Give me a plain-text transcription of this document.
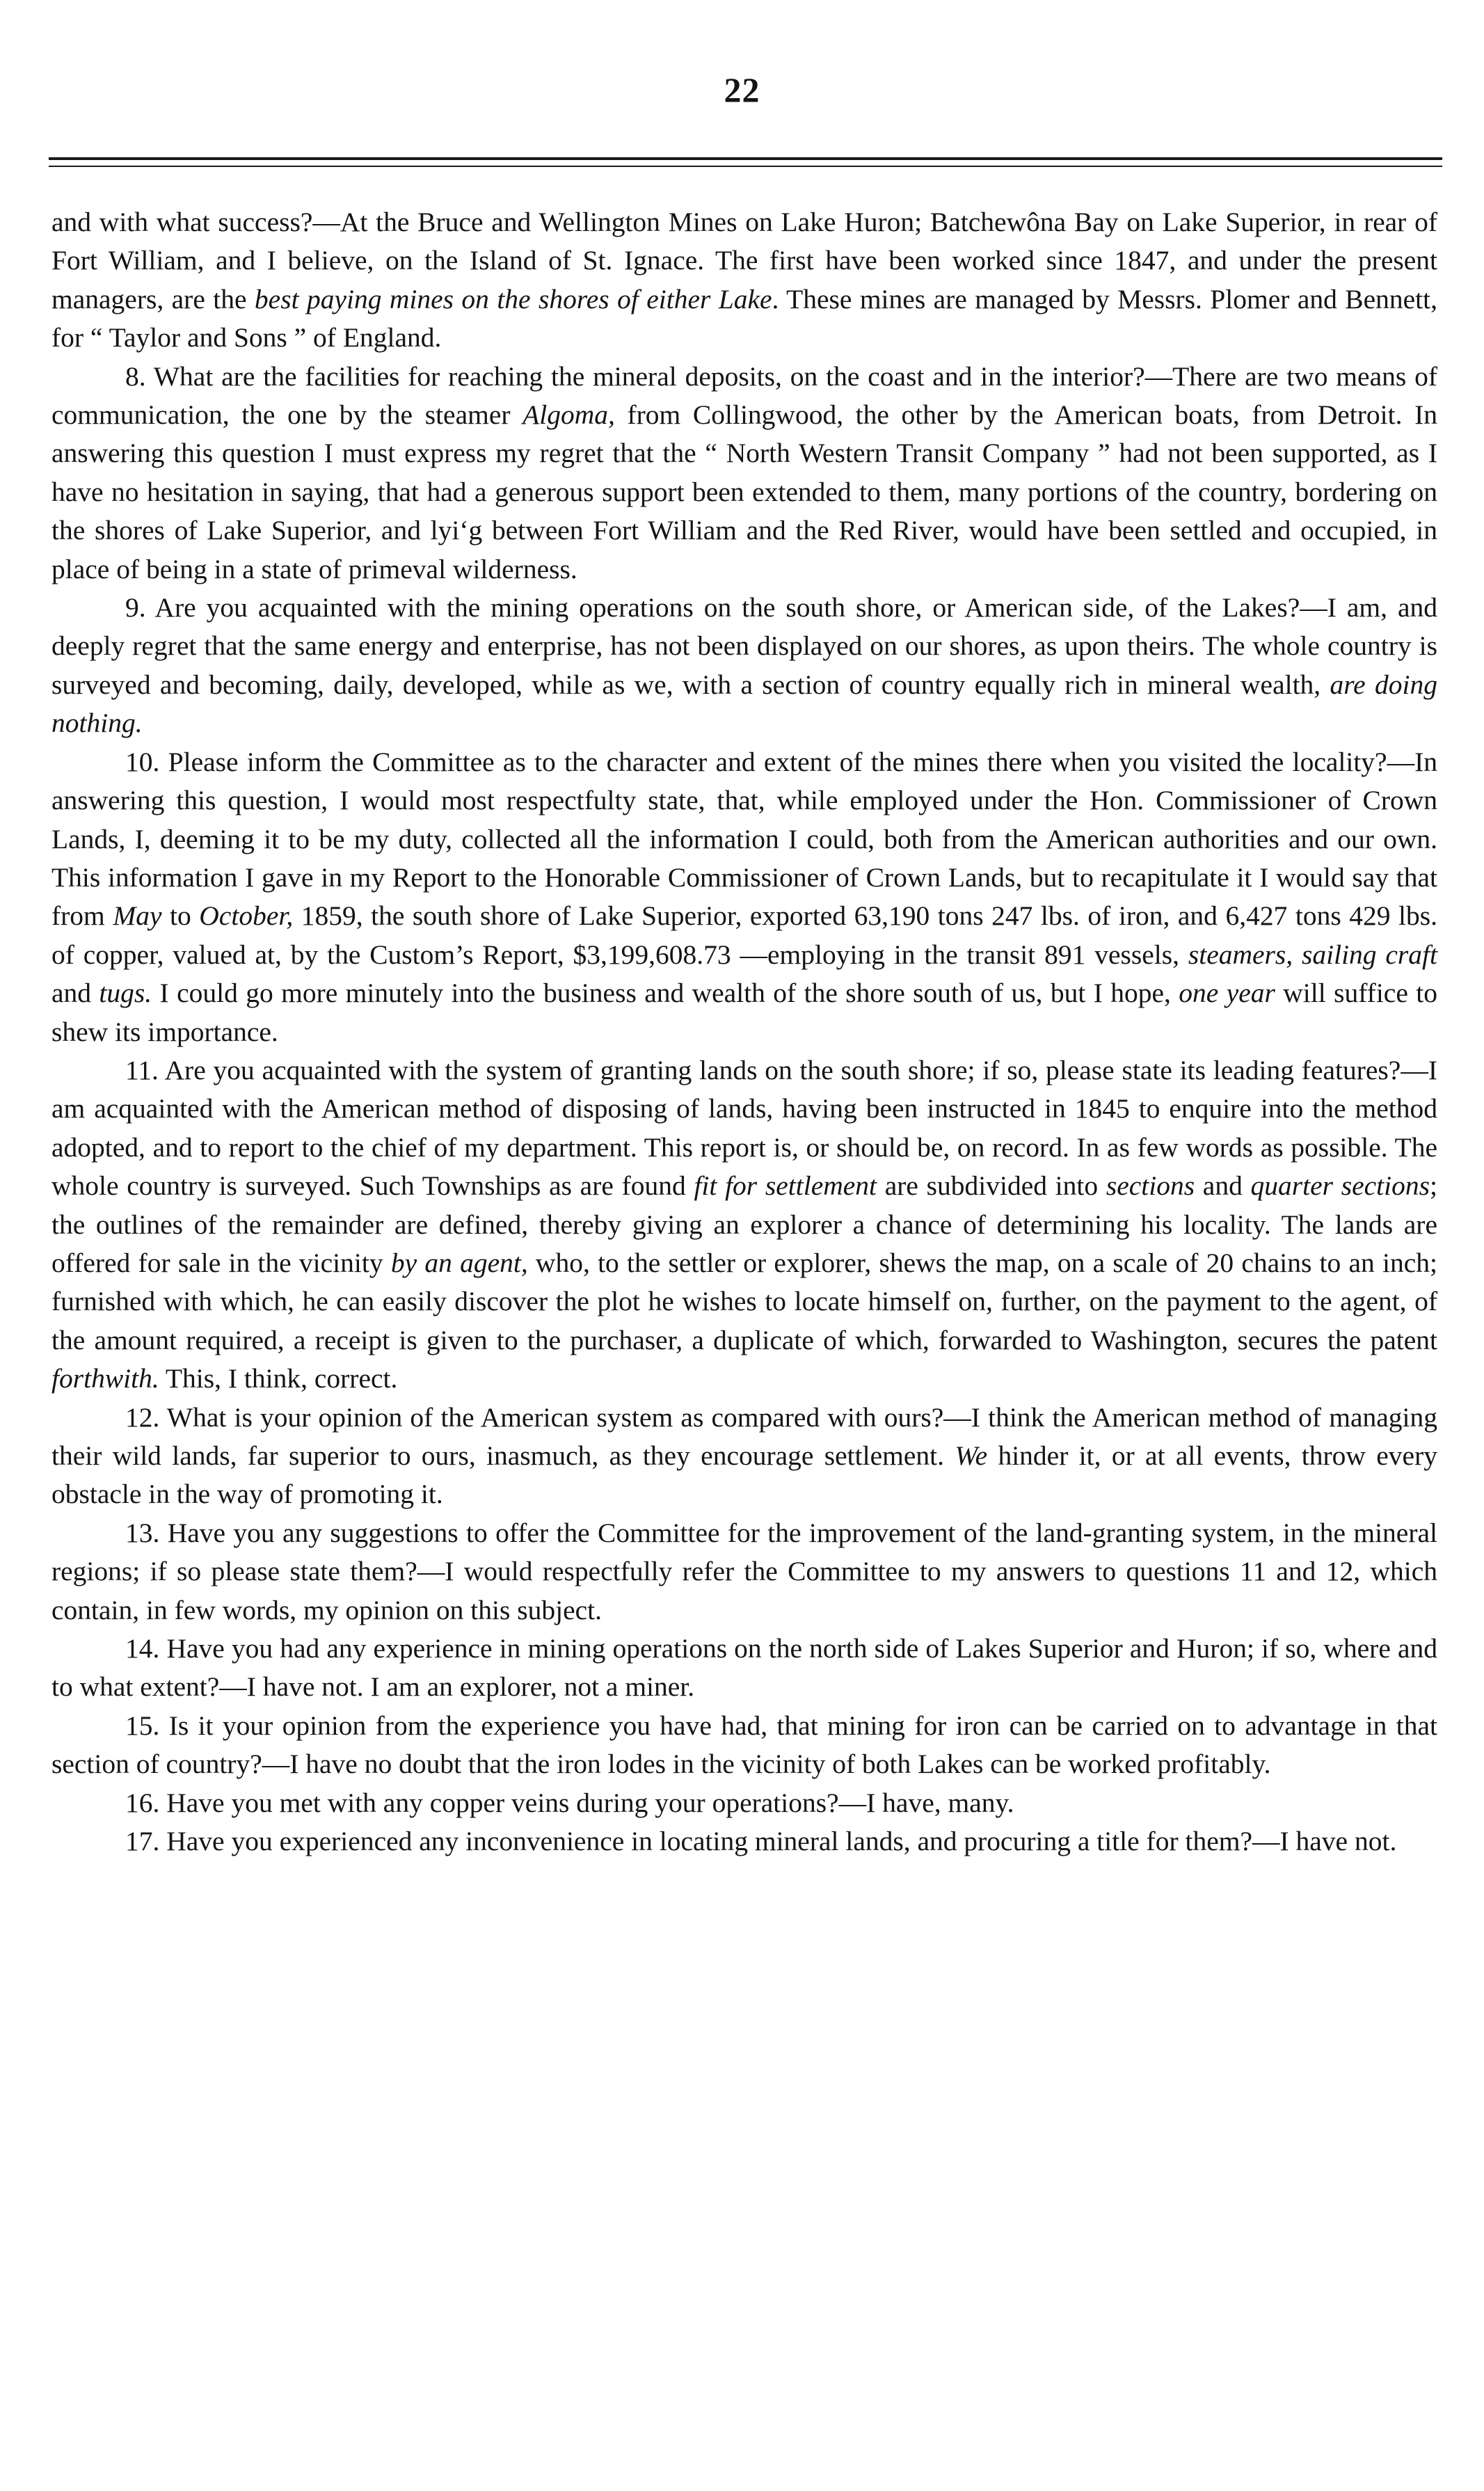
22

and with what success?—At the Bruce and Wellington Mines on Lake Huron; Batchewôna Bay on Lake Superior, in rear of Fort William, and I believe, on the Island of St. Ignace. The first have been worked since 1847, and under the present managers, are the best paying mines on the shores of either Lake. These mines are managed by Messrs. Plomer and Bennett, for “ Taylor and Sons ” of England.

8. What are the facilities for reaching the mineral deposits, on the coast and in the interior?—There are two means of communication, the one by the steamer Algoma, from Collingwood, the other by the American boats, from Detroit. In answering this question I must express my regret that the “ North Western Transit Company ” had not been supported, as I have no hesitation in saying, that had a generous support been extended to them, many portions of the country, bordering on the shores of Lake Superior, and lyiʻg between Fort William and the Red River, would have been settled and occupied, in place of being in a state of primeval wilderness.

9. Are you acquainted with the mining operations on the south shore, or American side, of the Lakes?—I am, and deeply regret that the same energy and enterprise, has not been displayed on our shores, as upon theirs. The whole country is surveyed and becoming, daily, developed, while as we, with a section of country equally rich in mineral wealth, are doing nothing.

10. Please inform the Committee as to the character and extent of the mines there when you visited the locality?—In answering this question, I would most respectfulty state, that, while employed under the Hon. Commissioner of Crown Lands, I, deeming it to be my duty, collected all the information I could, both from the American authorities and our own. This information I gave in my Report to the Honorable Commissioner of Crown Lands, but to recapitulate it I would say that from May to October, 1859, the south shore of Lake Superior, exported 63,190 tons 247 lbs. of iron, and 6,427 tons 429 lbs. of copper, valued at, by the Custom’s Report, $3,199,608.73 —employing in the transit 891 vessels, steamers, sailing craft and tugs. I could go more minutely into the business and wealth of the shore south of us, but I hope, one year will suffice to shew its importance.

11. Are you acquainted with the system of granting lands on the south shore; if so, please state its leading features?—I am acquainted with the American method of disposing of lands, having been instructed in 1845 to enquire into the method adopted, and to report to the chief of my department. This report is, or should be, on record. In as few words as possible. The whole country is surveyed. Such Townships as are found fit for settlement are subdivided into sections and quarter sections; the outlines of the remainder are defined, thereby giving an explorer a chance of determining his locality. The lands are offered for sale in the vicinity by an agent, who, to the settler or explorer, shews the map, on a scale of 20 chains to an inch; furnished with which, he can easily discover the plot he wishes to locate himself on, further, on the payment to the agent, of the amount required, a receipt is given to the purchaser, a duplicate of which, forwarded to Washington, secures the patent forthwith. This, I think, correct.

12. What is your opinion of the American system as compared with ours?—I think the American method of managing their wild lands, far superior to ours, inasmuch, as they encourage settlement. We hinder it, or at all events, throw every obstacle in the way of promoting it.

13. Have you any suggestions to offer the Committee for the improvement of the land-granting system, in the mineral regions; if so please state them?—I would respectfully refer the Committee to my answers to questions 11 and 12, which contain, in few words, my opinion on this subject.

14. Have you had any experience in mining operations on the north side of Lakes Superior and Huron; if so, where and to what extent?—I have not. I am an explorer, not a miner.

15. Is it your opinion from the experience you have had, that mining for iron can be carried on to advantage in that section of country?—I have no doubt that the iron lodes in the vicinity of both Lakes can be worked profitably.

16. Have you met with any copper veins during your operations?—I have, many.

17. Have you experienced any inconvenience in locating mineral lands, and procuring a title for them?—I have not.
